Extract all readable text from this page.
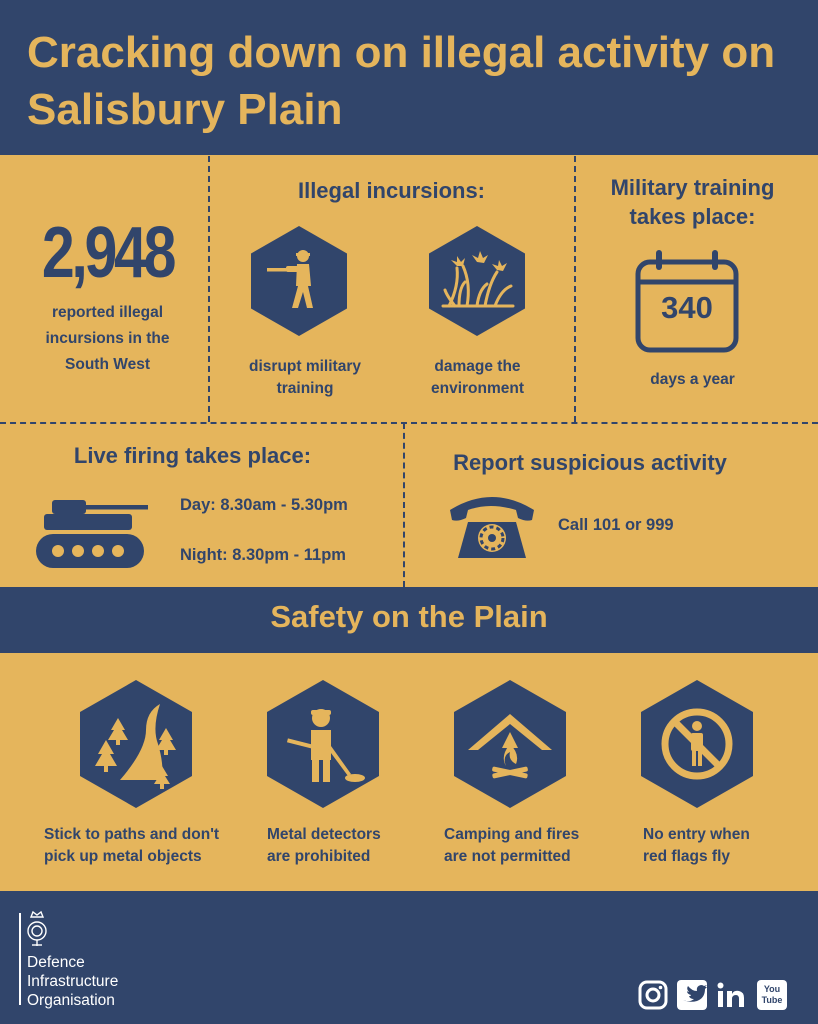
Cracking down on illegal activity on Salisbury Plain
2,948
reported illegal
incursions in the
South West
Illegal incursions:
disrupt military
training
damage the
environment
Military training
takes place:
340
days a year
Live firing takes place:
Day: 8.30am - 5.30pm
Night: 8.30pm - 11pm
Report suspicious activity
Call 101 or 999
Safety on the Plain
Stick to paths and don't
pick up metal objects
Metal detectors
are prohibited
Camping and fires
are not permitted
No entry when
red flags fly
Defence
Infrastructure
Organisation
You
Tube
